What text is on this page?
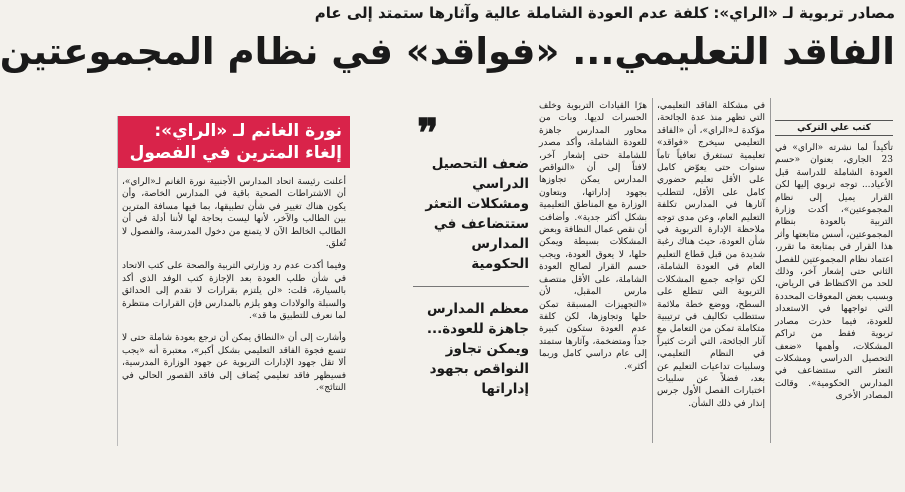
مصادر تربوية لـ «الراي»: كلفة عدم العودة الشاملة عالية وآثارها ستمتد إلى عام
الفاقد التعليمي... «فواقد» في نظام المجموعتين
كتب علي التركي

تأكيداً لما نشرته «الراي» في 23 الجاري، بعنوان «حسم العودة الشاملة للدراسة قبل الأعياد... توجه تربوي إليها لكن القرار يميل إلى نظام المجموعتين»، أكدت وزارة التربية بالعودة بنظام المجموعتين، أسس متابعتها وأثر هذا القرار في بمتابعة ما تقرر، اعتماد نظام المجموعتين للفصل الثاني حتى إشعار آخر، وذلك للحد من الاكتظاظ في الرياض، وبسبب بعض المعوقات المحددة التي تواجهها في الاستعداد للعودة، فيما حذرت مصادر تربوية فقط من تراكم المشكلات، وأهمها «ضعف التحصيل الدراسي ومشكلات التعثر التي ستتضاعف في المدارس الحكومية». وقالت المصادر الأخرى

في مشكلة الفاقد التعليمي، التي تظهر منذ عدة الجائحة، مؤكدة لـ«الراي»، أن «الفاقد التعليمي سيخرج «فواقد» تعليمية تستغرق تعافياً تاماً سنوات حتى يعوّض كامل على الأقل تعليم حضوري كامل على الأقل، لتتطلب آثارها في المدارس تكلفة التعليم العام، وعن مدى توجه ملاحظة الإدارة التربوية في شأن العودة، حيث هناك رغبة شديدة من قبل قطاع التعليم العام في العودة الشاملة، لكن تواجه جميع المشكلات التربوية التي تتطلع على السطح، ووضع خطة ملائمة ستتطلب تكاليف في ترتيبية متكاملة تمكن من التعامل مع آثار الجائحة، التي أثرت كثيراً في النظام التعليمي، وسلبيات تداعيات التعليم عن بعد، فضلاً عن سلبيات اختبارات الفصل الأول جرس إنذار في ذلك الشأن.

هرًا القيادات التربوية وخلف الحسرات لديها. وبات من محاور المدارس جاهزة للعودة الشاملة، وأكد مصدر للشاملة حتى إشعار آخر، لافتاً إلى أن «النواقص المدارس يمكن تجاوزها بجهود إداراتها، وبتعاون الوزارة مع المناطق التعليمية بشكل أكثر جدية». وأضافت أن نقص عمال النظافة وبعض المشكلات بسيطة ويمكن حلها، لا يعوق العودة، ويجب حسم القرار لصالح العودة الشاملة، على الأقل منتصف مارس المقبل، لأن «التجهيزات المسبقة تمكن حلها وتجاوزها، لكن كلفة عدم العودة ستكون كبيرة جداً ومتضخمة، وآثارها ستمتد إلى عام دراسي كامل وربما أكثر».

❞
ضعف التحصيل الدراسي ومشكلات التعثر ستتضاعف في المدارس الحكومية
معظم المدارس جاهزة للعودة... ويمكن تجاوز النواقص بجهود إداراتها
نورة الغانم لـ «الراي»: إلغاء المترين في الفصول

أعلنت رئيسة اتحاد المدارس الأجنبية نورة الغانم لـ«الراي»، أن الاشتراطات الصحية باقية في المدارس الخاصة، وأن يكون هناك تغيير في شأن تطبيقها، بما فيها مسافة المترين بين الطالب والآخر، لأنها ليست بحاجة لها لأننا أدلة في أن الطالب الخالط الآن لا يتمنع من دخول المدرسة، والفصول لا تُغلق.

وفيما أكدت عدم رد وزارتي التربية والصحة على كتب الاتحاد في شأن طلب العودة بعد الإجازة كتب الوفد الذي أكد بالسيارة، قلت: «لن يلتزم بقرارات لا تقدم إلى الحدائق والسبلة والولادات وهو يلزم بالمدارس فإن القرارات منتظرة لما نعرف للتطبيق ما قد».

وأشارت إلى أن «النطاق يمكن أن ترجع بعودة شاملة حتى لا تتسع فجوة الفاقد التعليمي بشكل أكبر»، معتبرة أنه «يجب ألا تقل جهود الإدارات التربوية عن جهود الوزارة المدرسية، فسيظهر فاقد تعليمي يُضاف إلى فاقد القصور الحالي في النتائج».
